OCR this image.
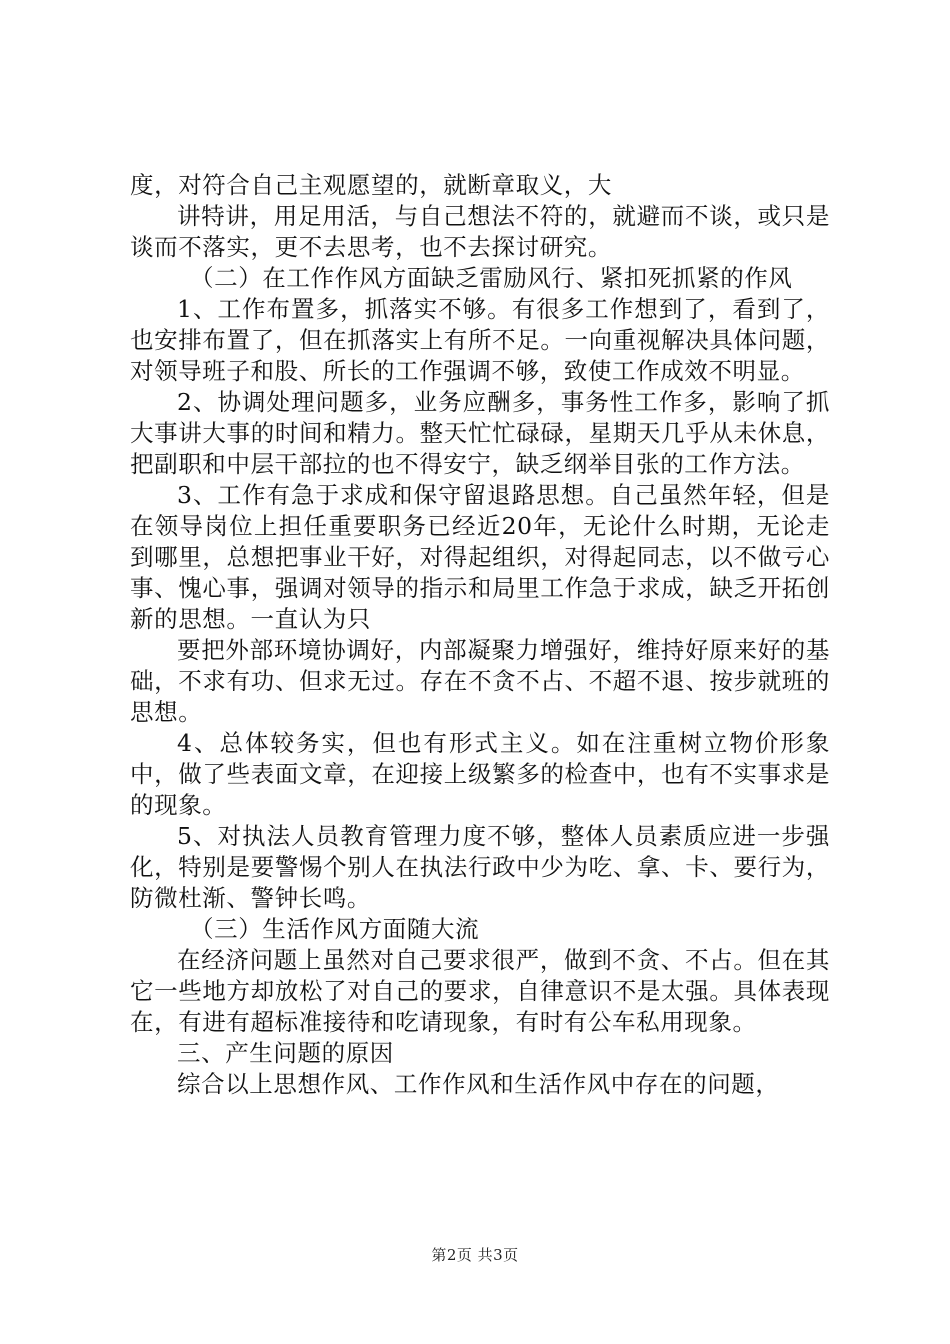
度，对符合自己主观愿望的，就断章取义，大

讲特讲，用足用活，与自己想法不符的，就避而不谈，或只是谈而不落实，更不去思考，也不去探讨研究。

（二）在工作作风方面缺乏雷励风行、紧扣死抓紧的作风

1、工作布置多，抓落实不够。有很多工作想到了，看到了，也安排布置了，但在抓落实上有所不足。一向重视解决具体问题，对领导班子和股、所长的工作强调不够，致使工作成效不明显。

2、协调处理问题多，业务应酬多，事务性工作多，影响了抓大事讲大事的时间和精力。整天忙忙碌碌，星期天几乎从未休息，把副职和中层干部拉的也不得安宁，缺乏纲举目张的工作方法。

3、工作有急于求成和保守留退路思想。自己虽然年轻，但是在领导岗位上担任重要职务已经近20年，无论什么时期，无论走到哪里，总想把事业干好，对得起组织，对得起同志，以不做亏心事、愧心事，强调对领导的指示和局里工作急于求成，缺乏开拓创新的思想。一直认为只

要把外部环境协调好，内部凝聚力增强好，维持好原来好的基础，不求有功、但求无过。存在不贪不占、不超不退、按步就班的思想。

4、总体较务实，但也有形式主义。如在注重树立物价形象中，做了些表面文章，在迎接上级繁多的检查中，也有不实事求是的现象。

5、对执法人员教育管理力度不够，整体人员素质应进一步强化，特别是要警惕个别人在执法行政中少为吃、拿、卡、要行为，防微杜渐、警钟长鸣。

（三）生活作风方面随大流

在经济问题上虽然对自己要求很严，做到不贪、不占。但在其它一些地方却放松了对自己的要求，自律意识不是太强。具体表现在，有进有超标准接待和吃请现象，有时有公车私用现象。

三、产生问题的原因

综合以上思想作风、工作作风和生活作风中存在的问题，

第2页 共3页
